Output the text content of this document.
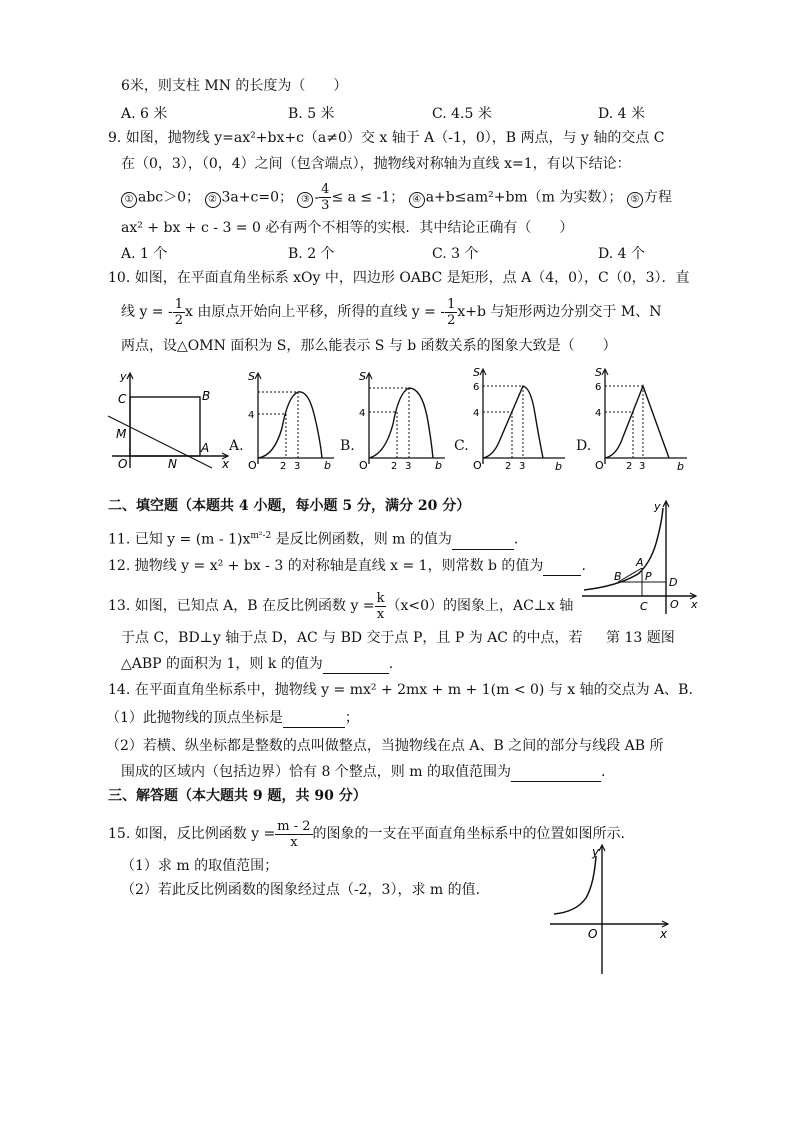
6米，则支柱 MN 的长度为（　　）
A. 6 米	B. 5 米	C. 4.5 米	D. 4 米
9. 如图，抛物线 y=ax²+bx+c（a≠0）交 x 轴于 A（-1，0），B 两点，与 y 轴的交点 C
在（0，3），（0，4）之间（包含端点），抛物线对称轴为直线 x=1，有以下结论：
① abc＞0； ② 3a+c=0； ③ - $\frac{4}{3} \le a \le -1$； ④ a+b≤am²+bm（m 为实数）； ⑤ 方程
ax² + bx + c - 3 = 0 必有两个不相等的实根．其中结论正确有（　　）
A. 1 个	B. 2 个	C. 3 个	D. 4 个
10. 如图，在平面直角坐标系 xOy 中，四边形 OABC 是矩形，点 A（4，0），C（0，3）．直
线 y = - $\frac{1}{2}$ x 由原点开始向上平移，所得的直线 y = - $\frac{1}{2} x+b$ 与矩形两边分别交于 M、N
两点，设△OMN 面积为 S，那么能表示 S 与 b 函数关系的图象大致是（　　）
y
C	B
M
A
O	N	x
A.
S
4
O 2 3 b
B.
S
4
O 2 3 b
C.
S
6
4
O 2 3	b
D.
S
6
4
O 2 3	b
二、填空题（本题共 4 小题，每小题 5 分，满分 20 分）
11. 已知 $y = (m - 1)x^{m^2-2}$ 是反比例函数，则 m 的值为	.
12. 抛物线 y = x² + bx - 3 的对称轴是直线 x = 1，则常数 b 的值为	.
13. 如图，已知点 A，B 在反比例函数 $y = \frac{k}{x} (x<0)$的图象上，AC⊥x 轴
于点 C，BD⊥y 轴于点 D，AC 与 BD 交于点 P，且 P 为 AC 的中点，若	第 13 题图
△ABP 的面积为 1，则 k 的值为	.
A
B P D
C O
y
x
14. 在平面直角坐标系中，抛物线 y = mx² + 2mx + m + 1(m < 0) 与 x 轴的交点为 A、B.
（1）此抛物线的顶点坐标是	；
（2）若横、纵坐标都是整数的点叫做整点，当抛物线在点 A、B 之间的部分与线段 AB 所
围成的区域内（包括边界）恰有 8 个整点，则 m 的取值范围为	.
三、解答题（本大题共 9 题，共 90 分）
15. 如图，反比例函数 $y = \frac{m - 2}{x}$ 的图象的一支在平面直角坐标系中的位置如图所示.
（1）求 m 的取值范围；
（2）若此反比例函数的图象经过点（-2，3），求 m 的值.
y
O	x
